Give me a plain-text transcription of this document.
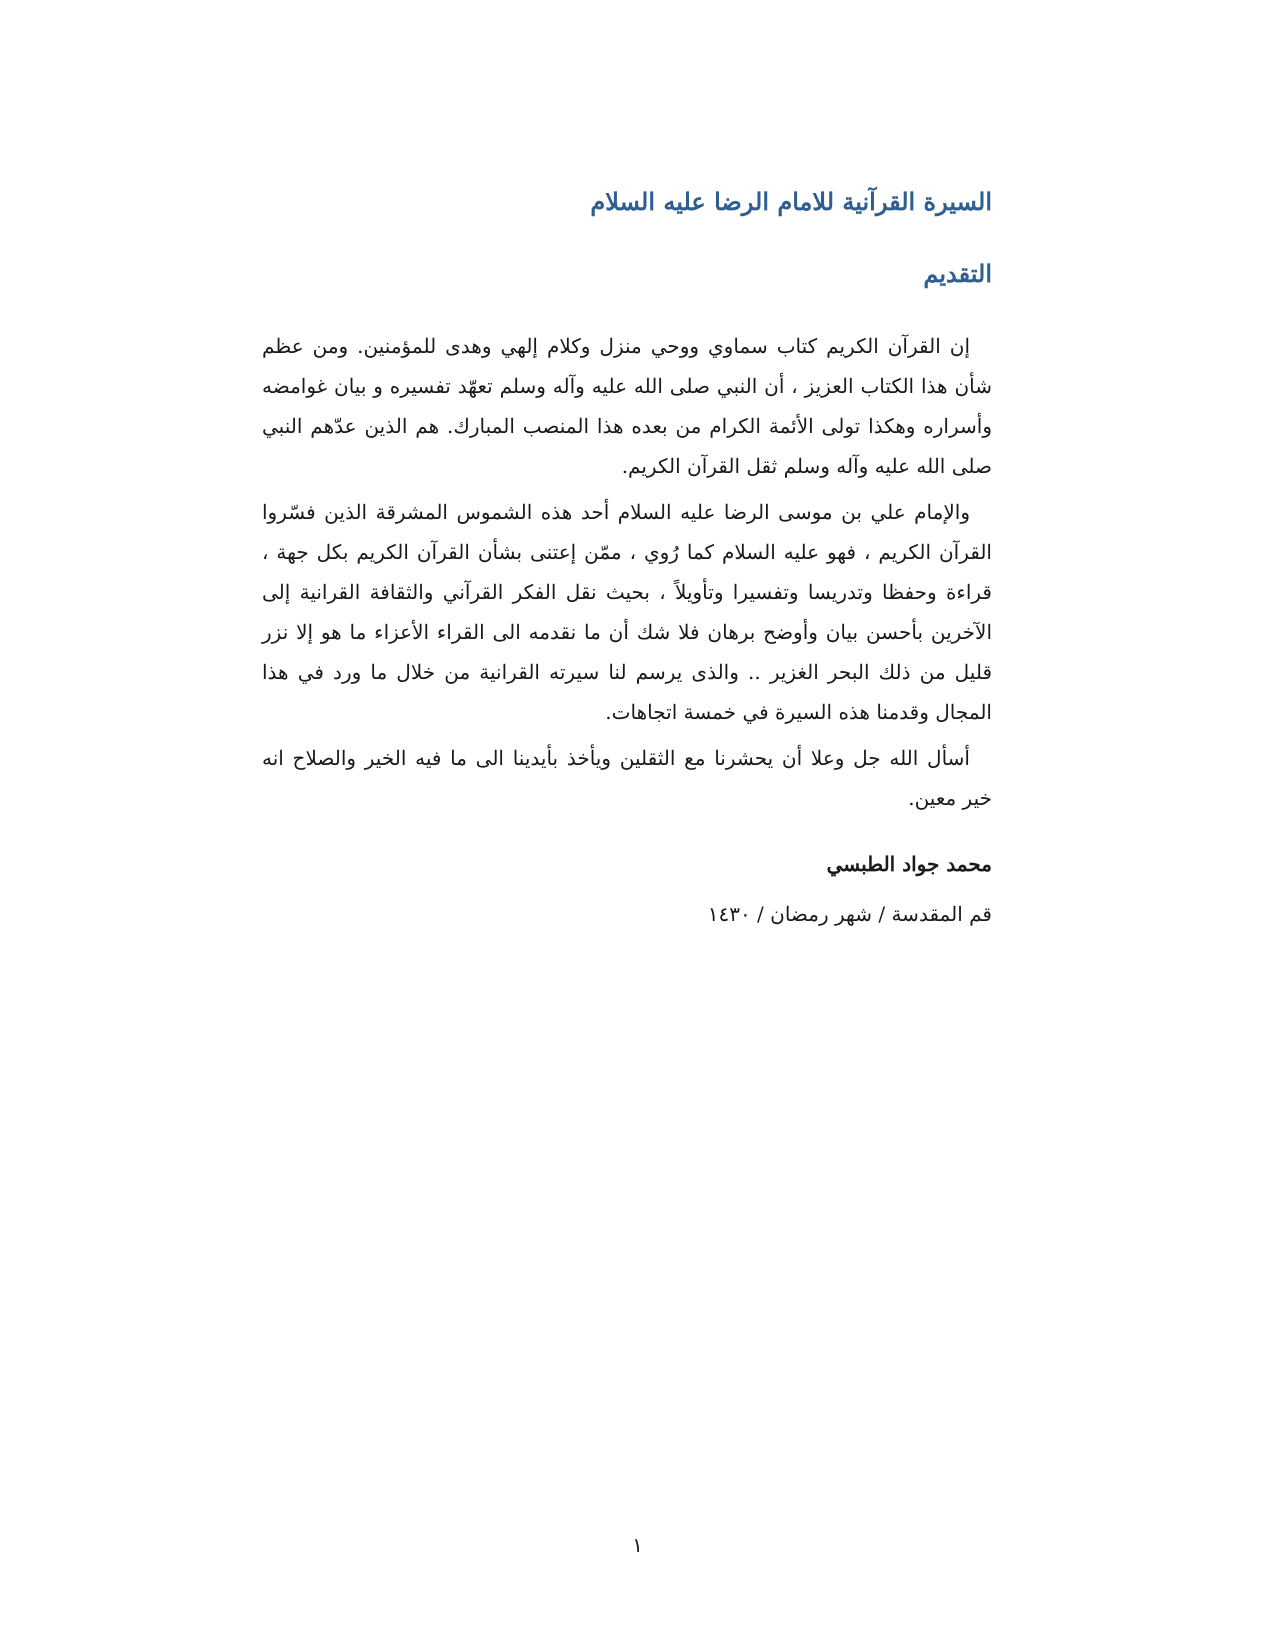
السيرة القرآنية للامام الرضا عليه السلام
التقديم

إن القرآن الكريم كتاب سماوي ووحي منزل وكلام إلهي وهدى للمؤمنين. ومن عظم شأن هذا الكتاب العزيز ، أن النبي صلى الله عليه وآله وسلم تعهّد تفسيره و بيان غوامضه وأسراره وهكذا تولى الأئمة الكرام من بعده هذا المنصب المبارك. هم الذين عدّهم النبي صلى الله عليه وآله وسلم ثقل القرآن الكريم.

والإمام علي بن موسى الرضا عليه السلام أحد هذه الشموس المشرقة الذين فسّروا القرآن الكريم ، فهو عليه السلام كما رُوي ، ممّن إعتنى بشأن القرآن الكريم بكل جهة ، قراءة وحفظا وتدريسا وتفسيرا وتأويلاً ، بحيث نقل الفكر القرآني والثقافة القرانية إلى الآخرين بأحسن بيان وأوضح برهان فلا شك أن ما نقدمه الى القراء الأعزاء ما هو إلا نزر قليل من ذلك البحر الغزير .. والذى يرسم لنا سيرته القرانية من خلال ما ورد في هذا المجال وقدمنا هذه السيرة في خمسة اتجاهات.

أسأل الله جل وعلا أن يحشرنا مع الثقلين ويأخذ بأيدينا الى ما فيه الخير والصلاح انه خير معين.

محمد جواد الطبسي
قم المقدسة / شهر رمضان / ١٤٣٠
١
